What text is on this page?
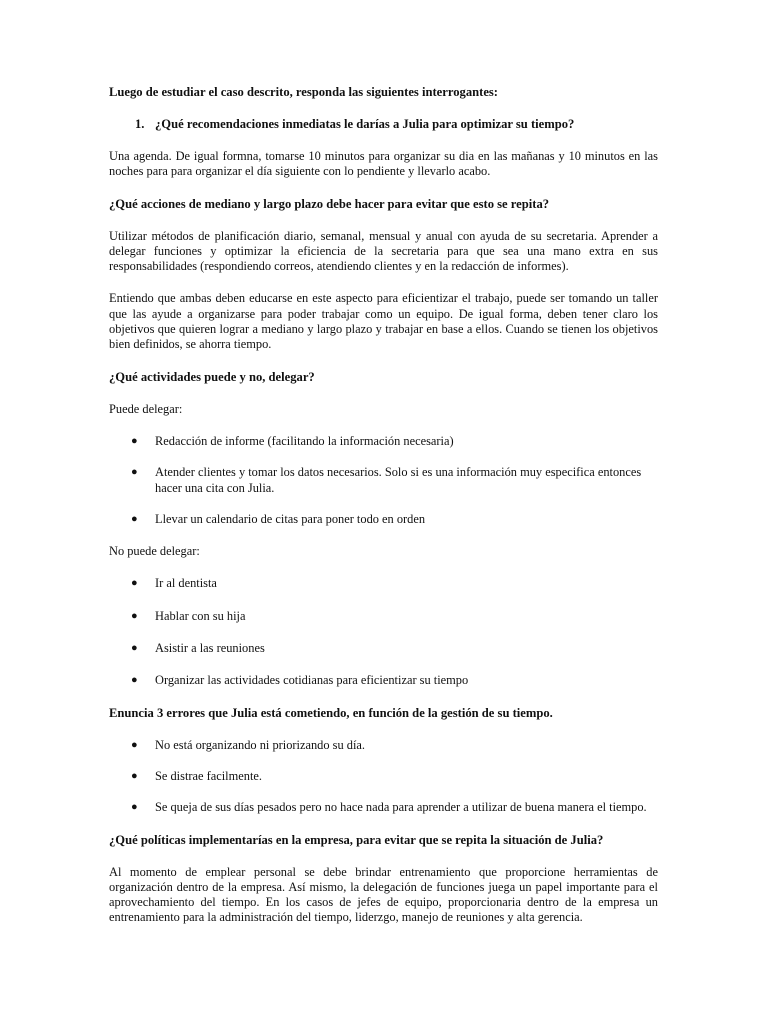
Luego de estudiar el caso descrito, responda las siguientes interrogantes:

1. ¿Qué recomendaciones inmediatas le darías a Julia para optimizar su tiempo?

Una agenda. De igual formna, tomarse 10 minutos para organizar su dia en las mañanas y 10 minutos en las noches para para organizar el día siguiente con lo pendiente y llevarlo acabo.

¿Qué acciones de mediano y largo plazo debe hacer para evitar que esto se repita?

Utilizar métodos de planificación diario, semanal, mensual y anual con ayuda de su secretaria. Aprender a delegar funciones y optimizar la eficiencia de la secretaria para que sea una mano extra en sus responsabilidades (respondiendo correos, atendiendo clientes y en la redacción de informes).

Entiendo que ambas deben educarse en este aspecto para eficientizar el trabajo, puede ser tomando un taller que las ayude a organizarse para poder trabajar como un equipo. De igual forma, deben tener claro los objetivos que quieren lograr a mediano y largo plazo y trabajar en base a ellos. Cuando se tienen los objetivos bien definidos, se ahorra tiempo.

¿Qué actividades puede y no, delegar?

Puede delegar:

● Redacción de informe (facilitando la información necesaria)
● Atender clientes y tomar los datos necesarios. Solo si es una información muy especifica entonces hacer una cita con Julia.
● Llevar un calendario de citas para poner todo en orden

No puede delegar:

● Ir al dentista
● Hablar con su hija
● Asistir a las reuniones
● Organizar las actividades cotidianas para eficientizar su tiempo

Enuncia 3 errores que Julia está cometiendo, en función de la gestión de su tiempo.

● No está organizando ni priorizando su día.
● Se distrae facilmente.
● Se queja de sus días pesados pero no hace nada para aprender a utilizar de buena manera el tiempo.

¿Qué políticas implementarías en la empresa, para evitar que se repita la situación de Julia?

Al momento de emplear personal se debe brindar entrenamiento que proporcione herramientas de organización dentro de la empresa. Así mismo, la delegación de funciones juega un papel importante para el aprovechamiento del tiempo. En los casos de jefes de equipo, proporcionaria dentro de la empresa un entrenamiento para la administración del tiempo, liderzgo, manejo de reuniones y alta gerencia.
